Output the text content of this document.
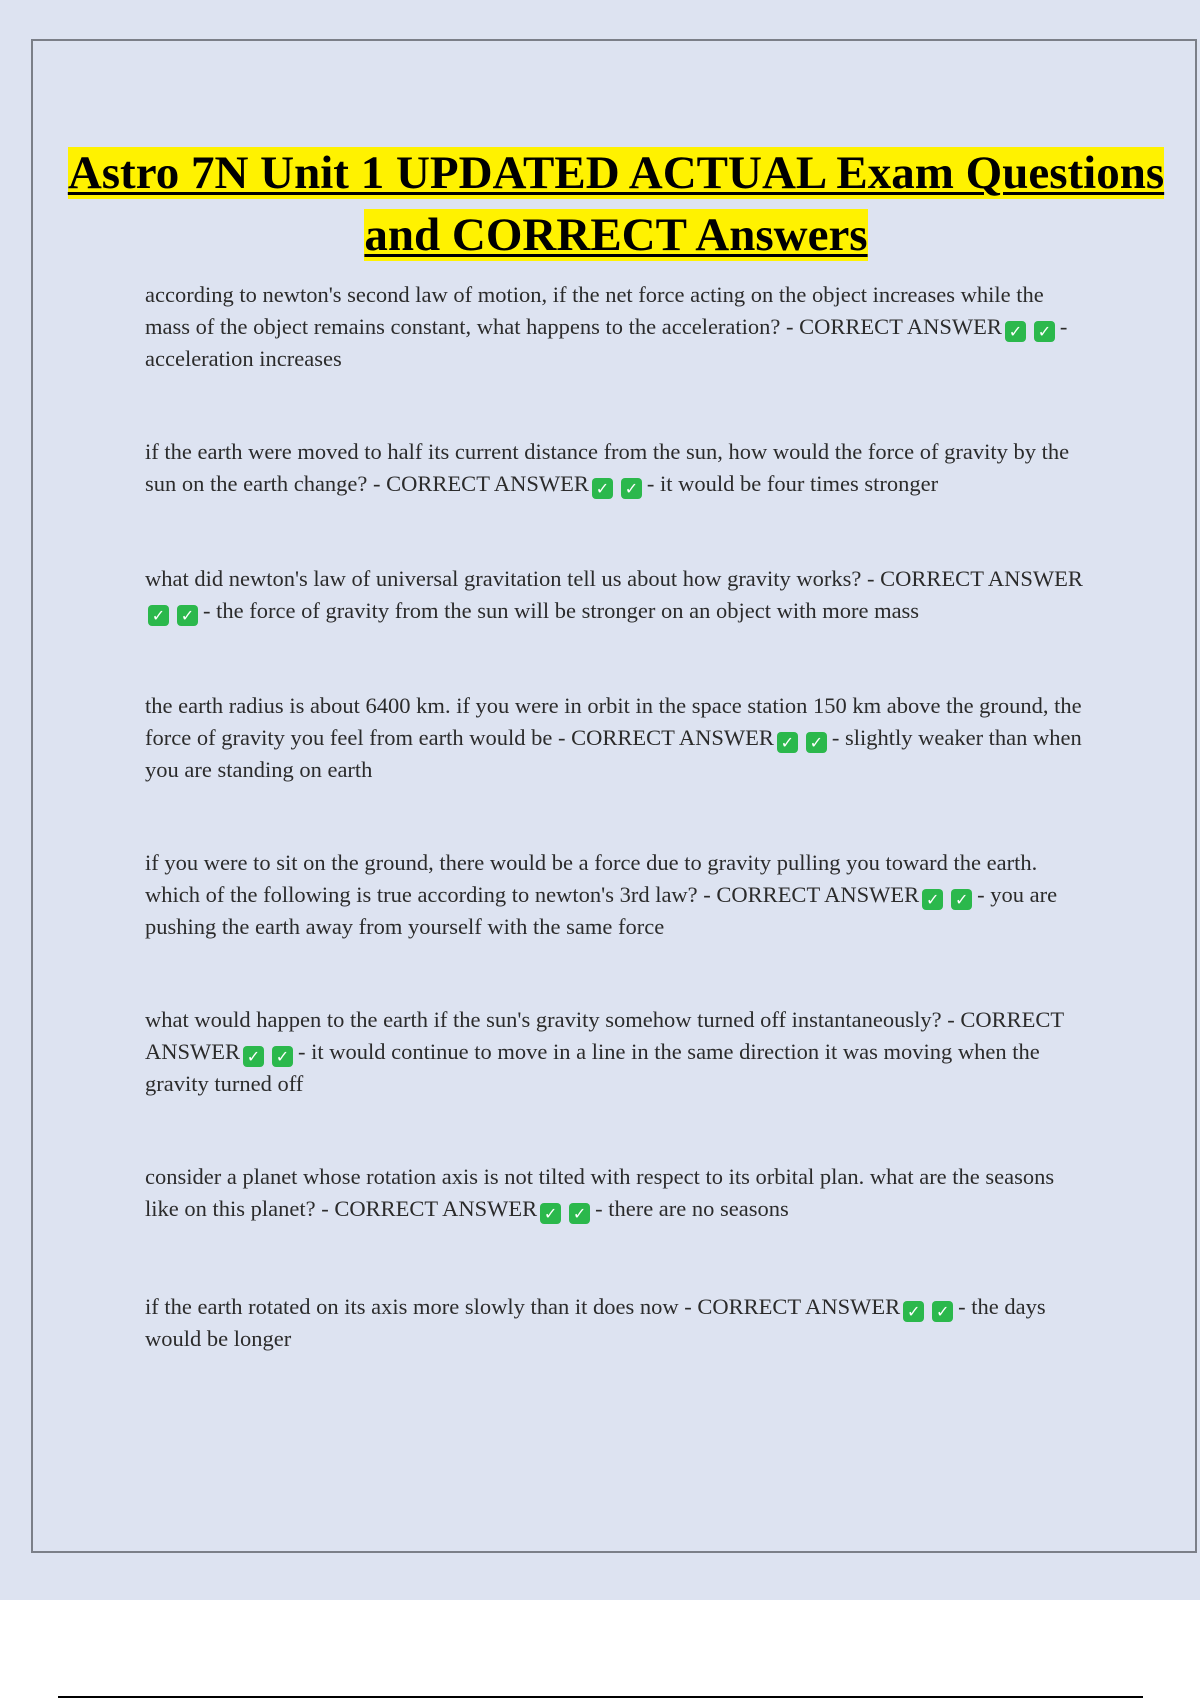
Astro 7N Unit 1 UPDATED ACTUAL Exam Questions and CORRECT Answers

according to newton's second law of motion, if the net force acting on the object increases while the mass of the object remains constant, what happens to the acceleration? - CORRECT ANSWER ✓ ✓ - acceleration increases

if the earth were moved to half its current distance from the sun, how would the force of gravity by the sun on the earth change? - CORRECT ANSWER ✓ ✓ - it would be four times stronger

what did newton's law of universal gravitation tell us about how gravity works? - CORRECT ANSWER✓ ✓ - the force of gravity from the sun will be stronger on an object with more mass

the earth radius is about 6400 km. if you were in orbit in the space station 150 km above the ground, the force of gravity you feel from earth would be - CORRECT ANSWER ✓ ✓ - slightly weaker than when you are standing on earth

if you were to sit on the ground, there would be a force due to gravity pulling you toward the earth. which of the following is true according to newton's 3rd law? - CORRECT ANSWER ✓ ✓ - you are pushing the earth away from yourself with the same force

what would happen to the earth if the sun's gravity somehow turned off instantaneously? - CORRECT ANSWER ✓ ✓ - it would continue to move in a line in the same direction it was moving when the gravity turned off

consider a planet whose rotation axis is not tilted with respect to its orbital plan. what are the seasons like on this planet? - CORRECT ANSWER ✓ ✓ - there are no seasons

if the earth rotated on its axis more slowly than it does now - CORRECT ANSWER ✓ ✓ - the days would be longer
